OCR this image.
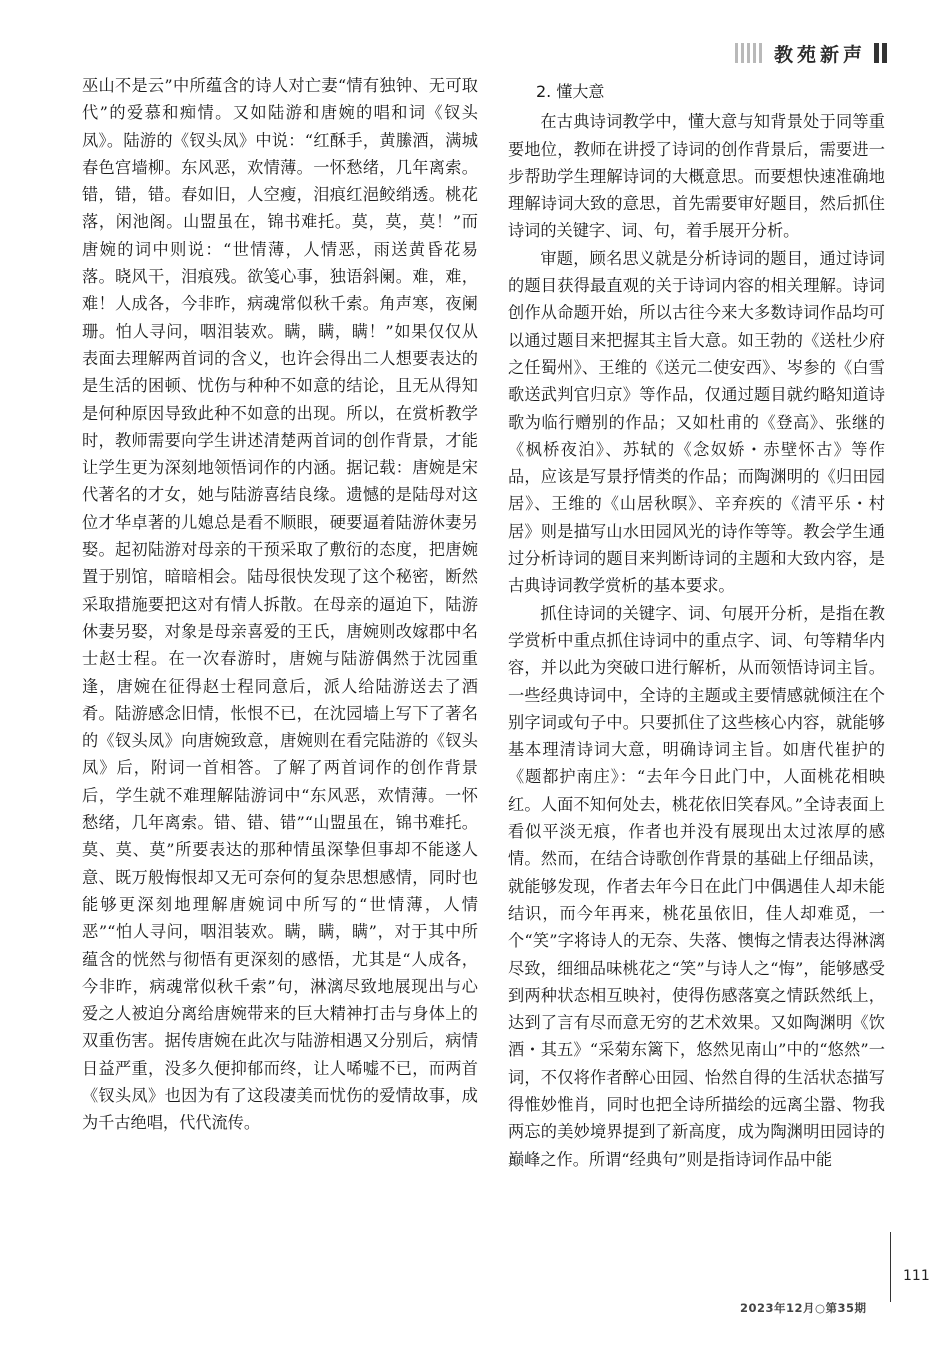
教苑新声

巫山不是云”中所蕴含的诗人对亡妻“情有独钟、无可取代”的爱慕和痴情。又如陆游和唐婉的唱和词《钗头凤》。陆游的《钗头凤》中说：“红酥手，黄縢酒，满城春色宫墙柳。东风恶，欢情薄。一怀愁绪，几年离索。错，错，错。春如旧，人空瘦，泪痕红浥鲛绡透。桃花落，闲池阁。山盟虽在，锦书难托。莫，莫，莫！”而唐婉的词中则说：“世情薄，人情恶，雨送黄昏花易落。晓风干，泪痕残。欲笺心事，独语斜阑。难，难，难！人成各，今非昨，病魂常似秋千索。角声寒，夜阑珊。怕人寻问，咽泪装欢。瞒，瞒，瞒！”如果仅仅从表面去理解两首词的含义，也许会得出二人想要表达的是生活的困顿、忧伤与种种不如意的结论，且无从得知是何种原因导致此种不如意的出现。所以，在赏析教学时，教师需要向学生讲述清楚两首词的创作背景，才能让学生更为深刻地领悟词作的内涵。据记载：唐婉是宋代著名的才女，她与陆游喜结良缘。遗憾的是陆母对这位才华卓著的儿媳总是看不顺眼，硬要逼着陆游休妻另娶。起初陆游对母亲的干预采取了敷衍的态度，把唐婉置于别馆，暗暗相会。陆母很快发现了这个秘密，断然采取措施要把这对有情人拆散。在母亲的逼迫下，陆游休妻另娶，对象是母亲喜爱的王氏，唐婉则改嫁郡中名士赵士程。在一次春游时，唐婉与陆游偶然于沈园重逢，唐婉在征得赵士程同意后，派人给陆游送去了酒肴。陆游感念旧情，怅恨不已，在沈园墙上写下了著名的《钗头凤》向唐婉致意，唐婉则在看完陆游的《钗头凤》后，附词一首相答。了解了两首词作的创作背景后，学生就不难理解陆游词中“东风恶，欢情薄。一怀愁绪，几年离索。错、错、错”“山盟虽在，锦书难托。莫、莫、莫”所要表达的那种情虽深挚但事却不能遂人意、既万般悔恨却又无可奈何的复杂思想感情，同时也能够更深刻地理解唐婉词中所写的“世情薄，人情恶”“怕人寻问，咽泪装欢。瞒，瞒，瞒”，对于其中所蕴含的恍然与彻悟有更深刻的感悟，尤其是“人成各，今非昨，病魂常似秋千索”句，淋漓尽致地展现出与心爱之人被迫分离给唐婉带来的巨大精神打击与身体上的双重伤害。据传唐婉在此次与陆游相遇又分别后，病情日益严重，没多久便抑郁而终，让人唏嘘不已，而两首《钗头凤》也因为有了这段凄美而忧伤的爱情故事，成为千古绝唱，代代流传。

2. 懂大意

在古典诗词教学中，懂大意与知背景处于同等重要地位，教师在讲授了诗词的创作背景后，需要进一步帮助学生理解诗词的大概意思。而要想快速准确地理解诗词大致的意思，首先需要审好题目，然后抓住诗词的关键字、词、句，着手展开分析。

审题，顾名思义就是分析诗词的题目，通过诗词的题目获得最直观的关于诗词内容的相关理解。诗词创作从命题开始，所以古往今来大多数诗词作品均可以通过题目来把握其主旨大意。如王勃的《送杜少府之任蜀州》、王维的《送元二使安西》、岑参的《白雪歌送武判官归京》等作品，仅通过题目就约略知道诗歌为临行赠别的作品；又如杜甫的《登高》、张继的《枫桥夜泊》、苏轼的《念奴娇・赤壁怀古》等作品，应该是写景抒情类的作品；而陶渊明的《归田园居》、王维的《山居秋暝》、辛弃疾的《清平乐・村居》则是描写山水田园风光的诗作等等。教会学生通过分析诗词的题目来判断诗词的主题和大致内容，是古典诗词教学赏析的基本要求。

抓住诗词的关键字、词、句展开分析，是指在教学赏析中重点抓住诗词中的重点字、词、句等精华内容，并以此为突破口进行解析，从而领悟诗词主旨。一些经典诗词中，全诗的主题或主要情感就倾注在个别字词或句子中。只要抓住了这些核心内容，就能够基本理清诗词大意，明确诗词主旨。如唐代崔护的《题都护南庄》：“去年今日此门中，人面桃花相映红。人面不知何处去，桃花依旧笑春风。”全诗表面上看似平淡无痕，作者也并没有展现出太过浓厚的感情。然而，在结合诗歌创作背景的基础上仔细品读，就能够发现，作者去年今日在此门中偶遇佳人却未能结识，而今年再来，桃花虽依旧，佳人却难觅，一个“笑”字将诗人的无奈、失落、懊悔之情表达得淋漓尽致，细细品味桃花之“笑”与诗人之“悔”，能够感受到两种状态相互映衬，使得伤感落寞之情跃然纸上，达到了言有尽而意无穷的艺术效果。又如陶渊明《饮酒・其五》“采菊东篱下，悠然见南山”中的“悠然”一词，不仅将作者醉心田园、怡然自得的生活状态描写得惟妙惟肖，同时也把全诗所描绘的远离尘嚣、物我两忘的美妙境界提到了新高度，成为陶渊明田园诗的巅峰之作。所谓“经典句”则是指诗词作品中能

111
2023年12月○第35期
